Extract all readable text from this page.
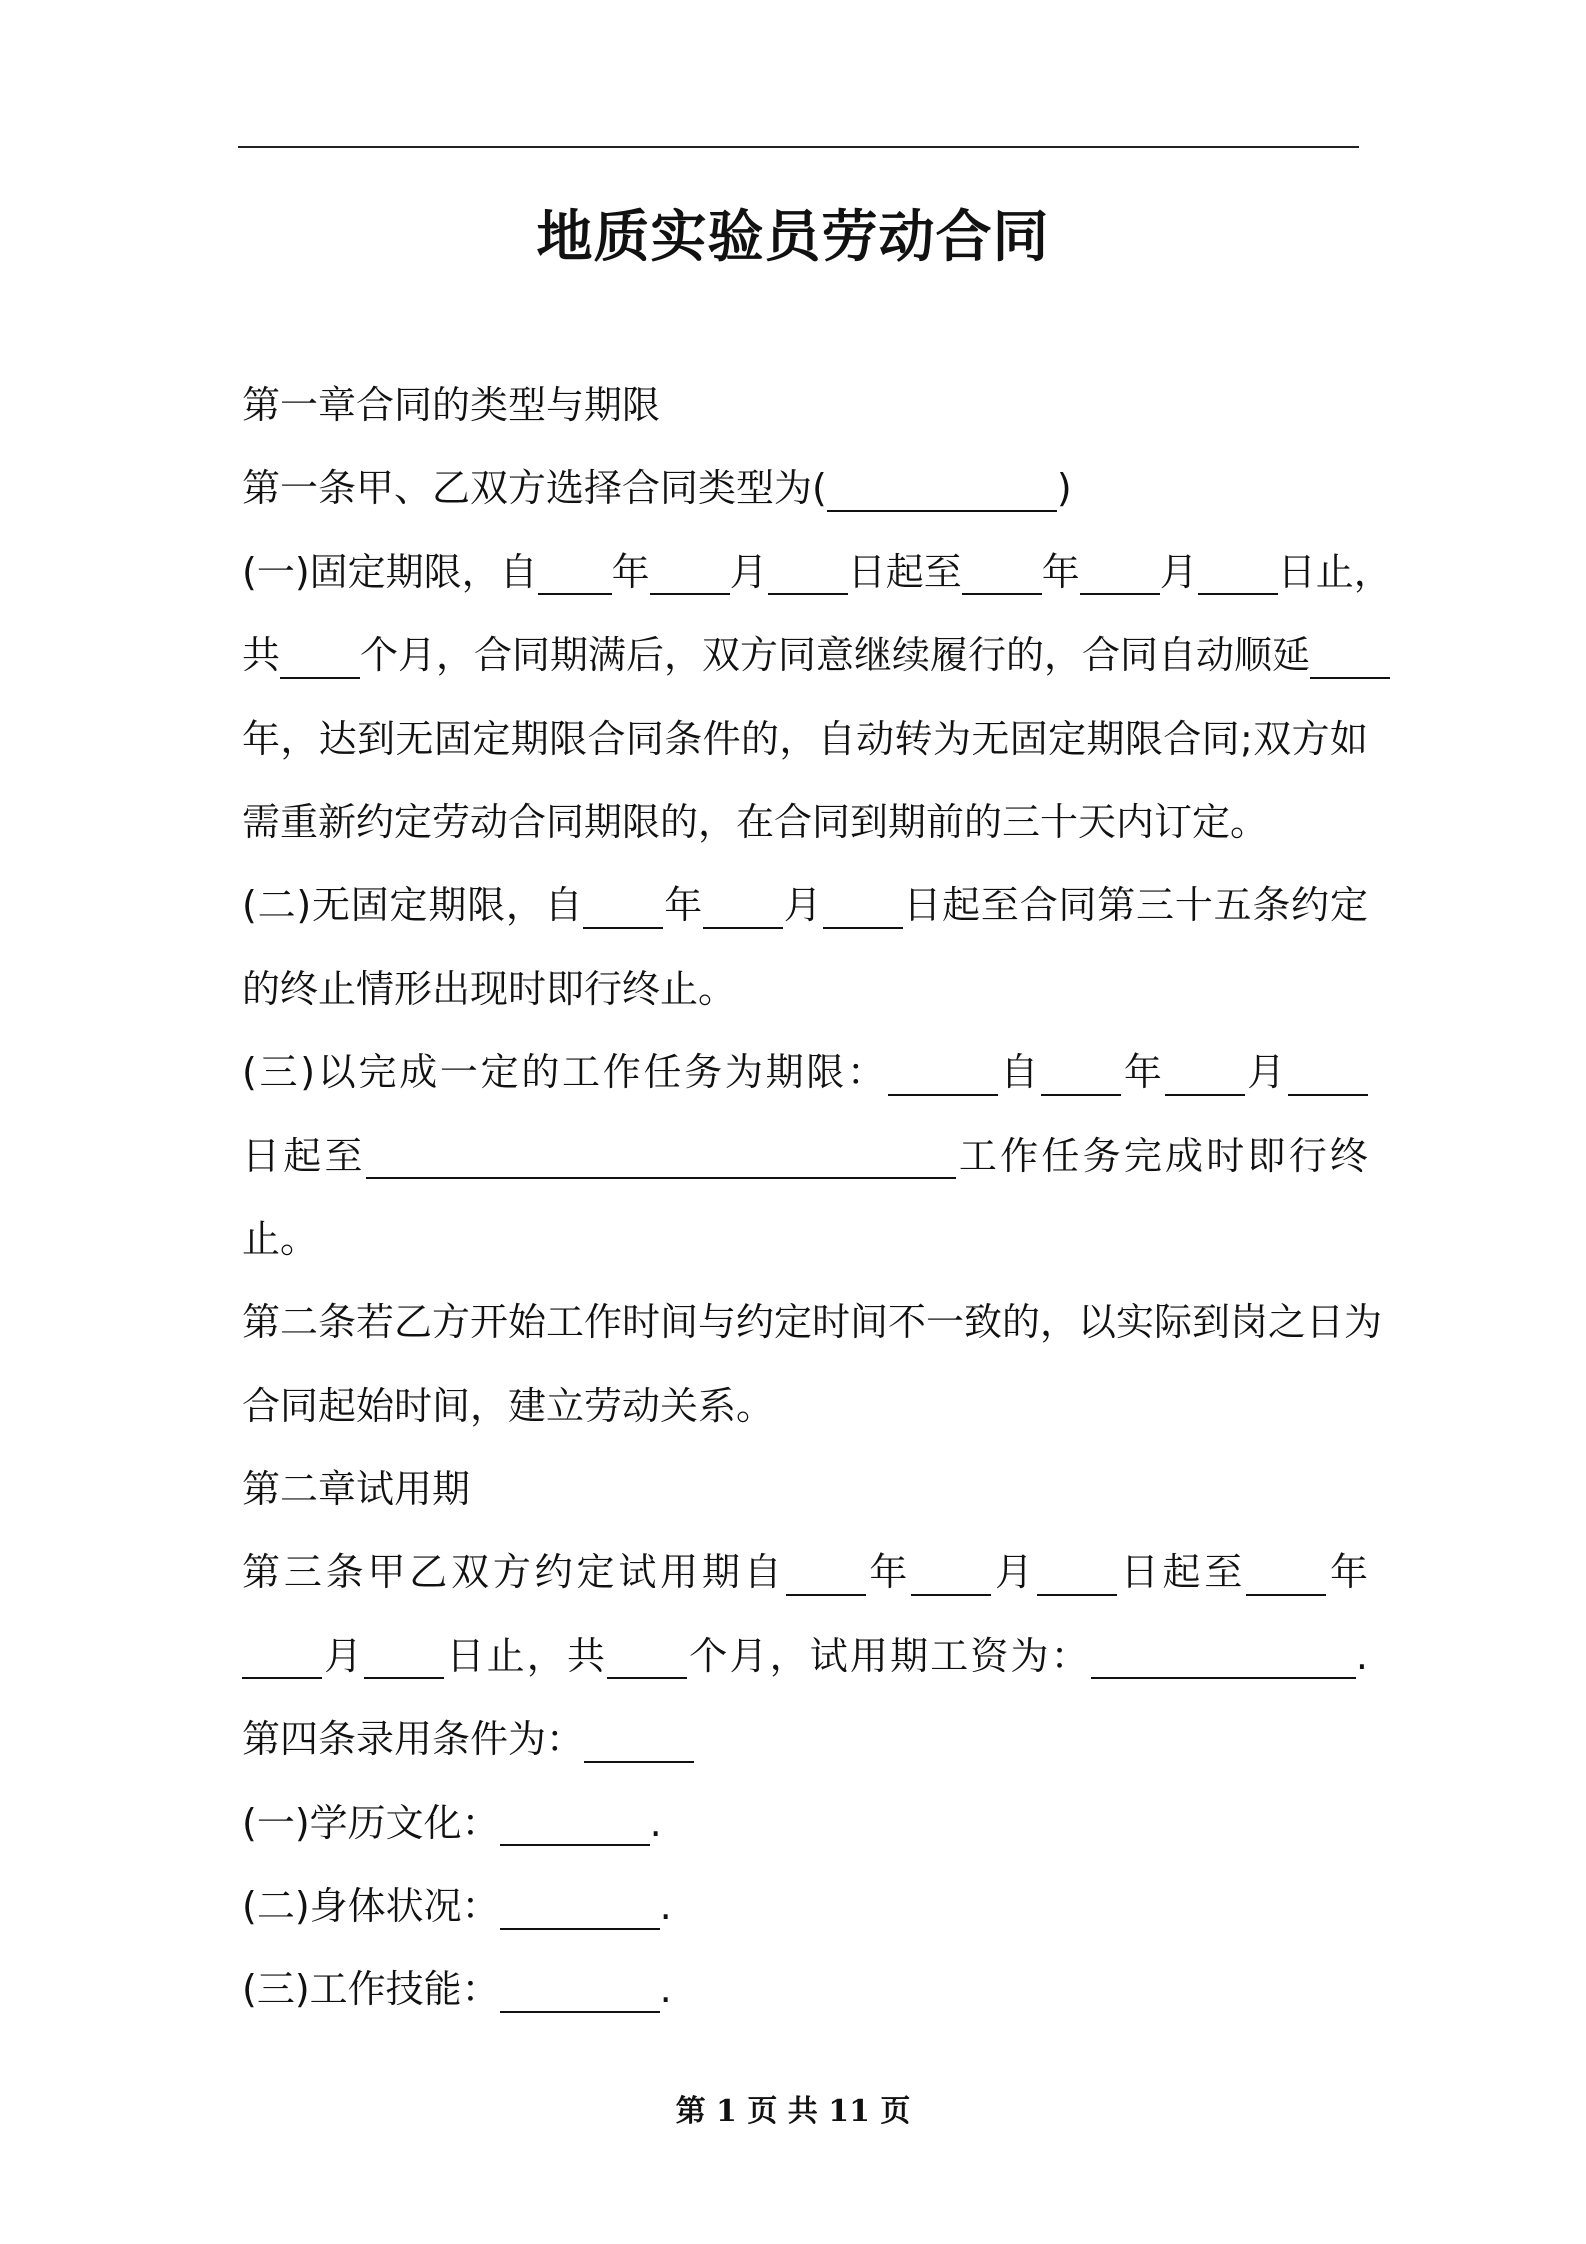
地质实验员劳动合同
第一章合同的类型与期限
第一条甲、乙双方选择合同类型为(	)
(一)固定期限，自 年 月 日起至 年 月 日止，
共 个月，合同期满后，双方同意继续履行的，合同自动顺延
年，达到无固定期限合同条件的，自动转为无固定期限合同;双方如
需重新约定劳动合同期限的，在合同到期前的三十天内订定。
(二)无固定期限，自 年 月 日起至合同第三十五条约定
的终止情形出现时即行终止。
(三)以完成一定的工作任务为期限：	自 年 月
日起至	工作任务完成时即行终
止。
第二条若乙方开始工作时间与约定时间不一致的，以实际到岗之日为
合同起始时间，建立劳动关系。
第二章试用期
第三条甲乙双方约定试用期自 年 月 日起至 年
月 日止，共 个月，试用期工资为：	.
第四条录用条件为：
(一)学历文化：	.
(二)身体状况：	.
(三)工作技能：	.
第 1 页 共 11 页
